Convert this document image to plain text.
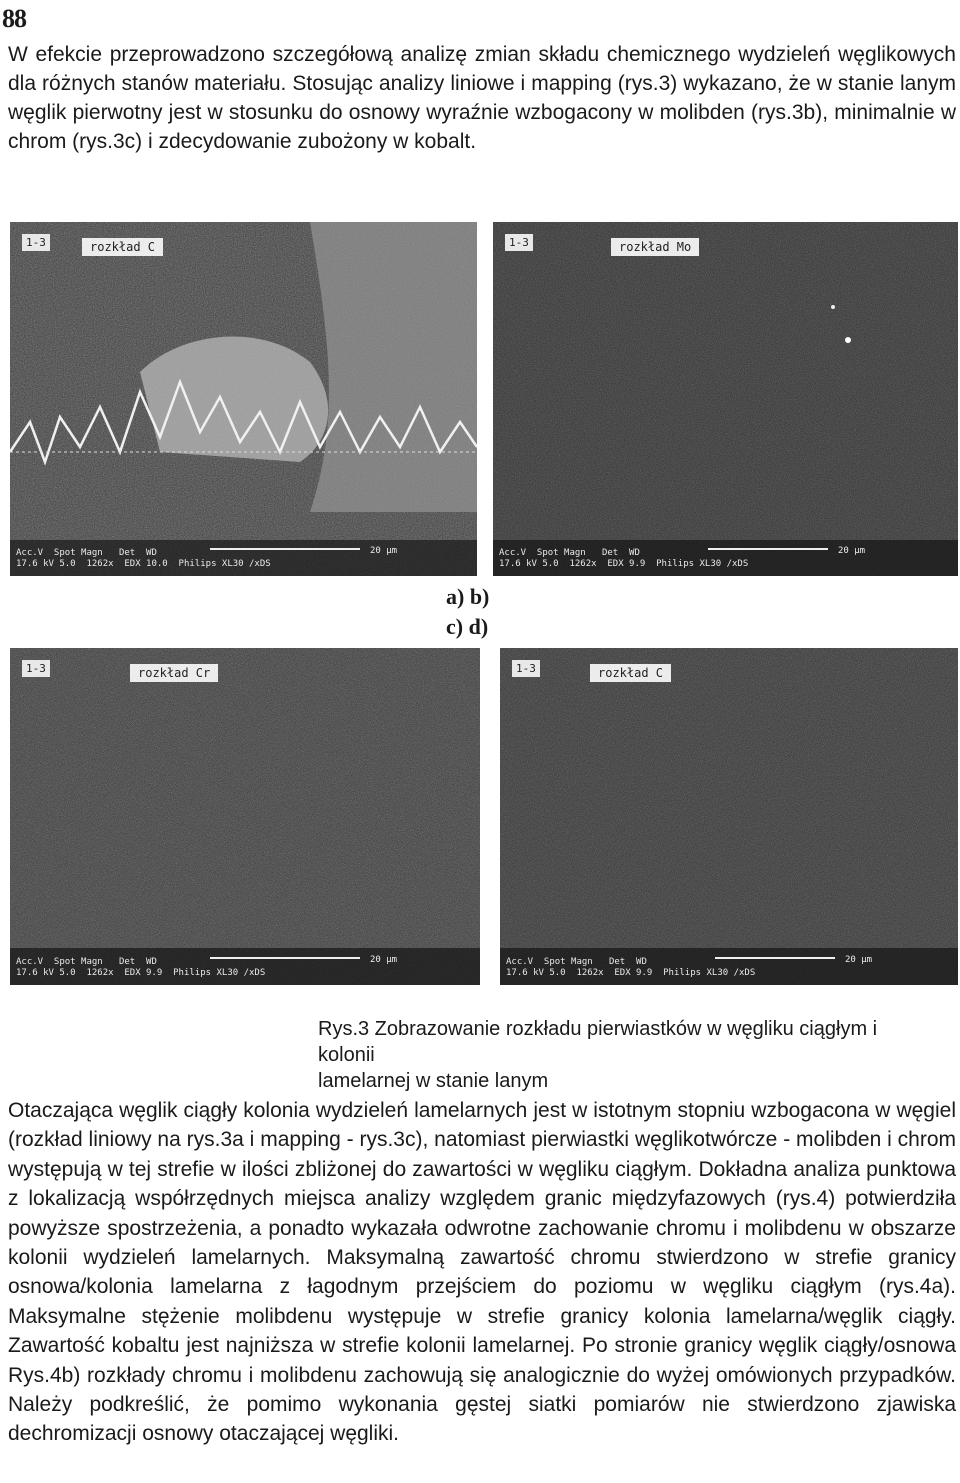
88

W efekcie przeprowadzono szczegółową analizę zmian składu chemicznego wydzieleń węglikowych dla różnych stanów materiału. Stosując analizy liniowe i mapping (rys.3) wykazano, że w stanie lanym węglik pierwotny jest w stosunku do osnowy wyraźnie wzbogacony w molibden (rys.3b), minimalnie w chrom (rys.3c) i zdecydowanie zubożony w kobalt.

1-3	rozkład C
20 μm
Acc.V  Spot Magn   Det  WD
17.6 kV 5.0  1262x  EDX 10.0  Philips XL30 /xDS
1-3	rozkład Mo
20 μm
Acc.V  Spot Magn   Det  WD
17.6 kV 5.0  1262x  EDX 9.9  Philips XL30 /xDS
a) b)
c) d)
1-3	rozkład Cr
20 μm
Acc.V  Spot Magn   Det  WD
17.6 kV 5.0  1262x  EDX 9.9  Philips XL30 /xDS
1-3	rozkład C
20 μm
Acc.V  Spot Magn   Det  WD
17.6 kV 5.0  1262x  EDX 9.9  Philips XL30 /xDS
Rys.3 Zobrazowanie rozkładu pierwiastków w węgliku ciągłym i kolonii
lamelarnej w stanie lanym

Otaczająca węglik ciągły kolonia wydzieleń lamelarnych jest w istotnym stopniu wzbogacona w węgiel (rozkład liniowy na rys.3a i mapping - rys.3c), natomiast pierwiastki węglikotwórcze - molibden i chrom występują w tej strefie w ilości zbliżonej do zawartości w węgliku ciągłym. Dokładna analiza punktowa z lokalizacją współrzędnych miejsca analizy względem granic międzyfazowych (rys.4) potwierdziła powyższe spostrzeżenia, a ponadto wykazała odwrotne zachowanie chromu i molibdenu w obszarze kolonii wydzieleń lamelarnych. Maksymalną zawartość chromu stwierdzono w strefie granicy osnowa/kolonia lamelarna z łagodnym przejściem do poziomu w węgliku ciągłym (rys.4a). Maksymalne stężenie molibdenu występuje w strefie granicy kolonia lamelarna/węglik ciągły. Zawartość kobaltu jest najniższa w strefie kolonii lamelarnej. Po stronie granicy węglik ciągły/osnowa Rys.4b) rozkłady chromu i molibdenu zachowują się analogicznie do wyżej omówionych przypadków. Należy podkreślić, że pomimo wykonania gęstej siatki pomiarów nie stwierdzono zjawiska dechromizacji osnowy otaczającej węgliki.
